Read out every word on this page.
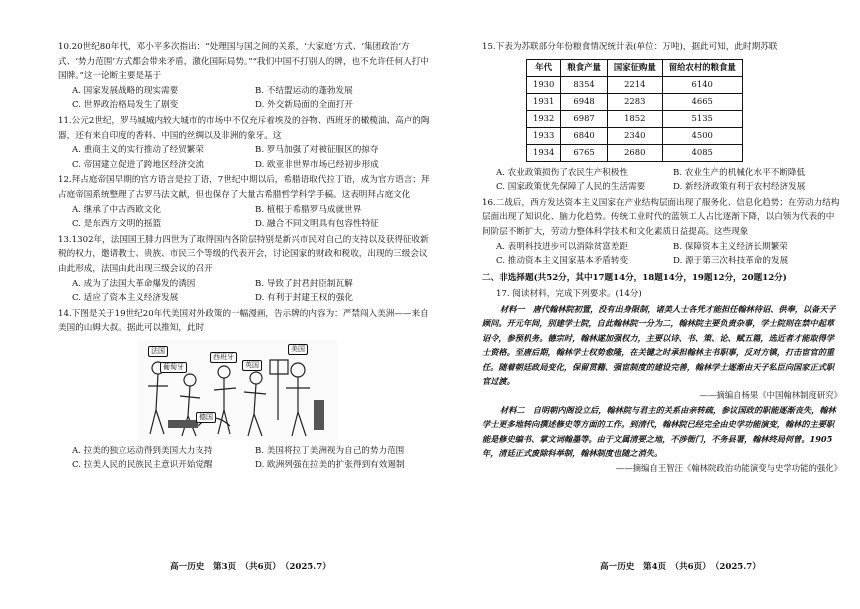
10.20世纪80年代，邓小平多次指出：“处理国与国之间的关系，‘大家庭’方式、‘集团政治’方式、‘势力范围’方式都会带来矛盾，激化国际局势。”“我们中国不打别人的牌，也不允许任何人打中国牌。”这一论断主要是基于
A. 国家发展战略的现实需要	B. 不结盟运动的蓬勃发展
C. 世界政治格局发生了剧变	D. 外交新局面的全面打开
11.公元2世纪，罗马城城内较大城市的市场中不仅充斥着埃及的谷物、西班牙的橄榄油、高卢的陶器，还有来自印度的香料、中国的丝绸以及非洲的象牙。这
A. 重商主义的实行推动了经贸繁荣	B. 罗马加强了对被征服区的掠夺
C. 帝国建立促进了跨地区经济交流	D. 欧亚非世界市场已经初步形成
12.拜占庭帝国早期的官方语言是拉丁语，7世纪中期以后，希腊语取代拉丁语，成为官方语言；拜占庭帝国系统整理了古罗马法文献，但也保存了大量古希腊哲学科学手稿。这表明拜占庭文化
A. 继承了中古西欧文化	B. 植根于希腊罗马成就世界
C. 是东西方文明的摇篮	D. 融合不同文明具有包容性特征
13.1302年，法国国王腓力四世为了取得国内各阶层特别是新兴市民对自己的支持以及获得征收新税的权力，邀请教士、贵族、市民三个等级的代表开会，讨论国家的财政和税收，出现的三级会议由此形成，法国由此出现三级会议的召开
A. 成为了法国大革命爆发的诱因	B. 导致了封君封臣制瓦解
C. 适应了资本主义经济发展	D. 有利于封建王权的强化
14.下图是关于19世纪20年代美国对外政策的一幅漫画，告示牌的内容为：严禁闯入美洲——来自美国的山姆大叔。据此可以推知，此时
法国
葡萄牙
西班牙
英国
美国
德国
A. 拉美的独立运动得到美国大力支持	B. 美国将拉丁美洲视为自己的势力范围
C. 拉美人民的民族民主意识开始觉醒	D. 欧洲列强在拉美的扩张得到有效遏制
高一历史　第3页　（共6页）　（2025.7）
15.下表为苏联部分年份粮食情况统计表(单位：万吨)，据此可知，此时期苏联
年代	粮食产量	国家征购量	留给农村的粮食量
1930	8354	2214	6140
1931	6948	2283	4665
1932	6987	1852	5135
1933	6840	2340	4500
1934	6765	2680	4085
A. 农业政策损伤了农民生产积极性	B. 农业生产的机械化水平不断降低
C. 国家政策优先保障了人民的生活需要	D. 新经济政策有利于农村经济发展
16.二战后，西方发达资本主义国家在产业结构层面出现了服务化、信息化趋势；在劳动力结构层面出现了知识化、脑力化趋势。传统工业时代的蓝领工人占比逐渐下降，以白领为代表的中间阶层不断扩大，劳动力整体科学技术和文化素质日益提高。这些现象
A. 表明科技进步可以消除贫富差距	B. 保障资本主义经济长期繁荣
C. 推动资本主义国家基本矛盾转变	D. 源于第三次科技革命的发展
二、非选择题(共52分，其中17题14分，18题14分，19题12分，20题12分)
17. 阅读材料，完成下列要求。(14分)
材料一　唐代翰林院初置，没有出身限制，诸美人士各凭才能担任翰林待诏、供奉，以备天子顾问。开元年间，别建学士院，自此翰林院一分为二，翰林院主要负责杂事，学士院则在禁中起草诏令，参预机务。德宗时，翰林遂加强权力，主要以诗、书、策、论、赋五篇，选近者才能取得学士资格。至唐后期，翰林学士权势愈隆，在关键之时承担翰林主书职事，反对方镇，打击宦官的重任。随着朝廷政局变化，保留贯籍、强宦制度的建设完善，翰林学士逐渐由天子私臣向国家正式职官过渡。
——摘编自杨果《中国翰林制度研究》
材料二　自明朝内阁设立后，翰林院与君主的关系由亲转疏，参议国政的职能逐渐丧失，翰林学士更多地转向撰述修史等方面的工作。到清代，翰林院已经完全由史学功能演变，翰林的主要职能是修史编书、掌文词翰墨等。由于文属清要之地，不涉衙门，不务县署，翰林终局何曾。1905年，清廷正式废除科举制，翰林制度也随之消失。
——摘编自王智汪《翰林院政治功能演变与史学功能的强化》
高一历史　第4页　（共6页）　（2025.7）
